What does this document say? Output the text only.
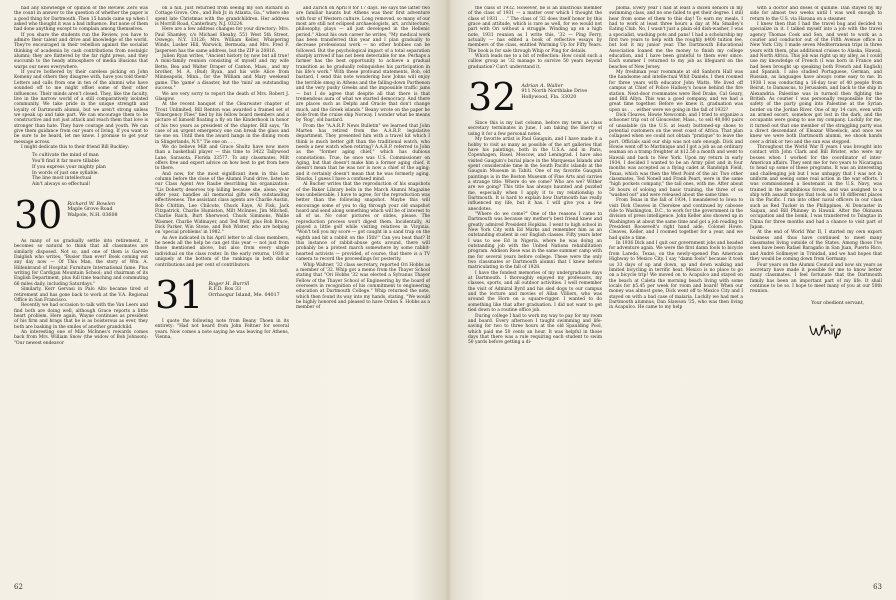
had any knowledge or opinion of the Review. Zero was the count in answer to the question of whether the paper is a good thing for Dartmouth. Then 15 hands came up when I asked who thought it was a bad influence. But none of them had done anything except to complain among themselves.

If you share the students run the Review, you have to admire their talent and drive and knowledge of the world. They're encouraged in their rebellion against the socialist thinking of academia by cash contributions from nostalgic alumni; they are flattered by the far right press, and they succumb to the heady atmosphere of media illusions that warps our news everywhere.

If you're bothered by their careless picking on John Kemeny and others they disagree with, have you told them? Letters and calls from one in ten of the alumni who have sounded off to me might offset some of their other influences. Their minds aren't closed. They, like the faculty, live in the narrow world of a still comparatively isolated community. We take pride in the unique strength and loyalty of Dartmouth alumni, but we aren't strong unless we speak up and take part. We can encourage them to be constructive and not just attack and reach them that love is stronger than hate. They have courage and youth. We can give them guidance from our years of living. If you want to be sure to be heard, let me know. I promise to get your message across.

I might dedicate this to their friend Bill Buckley:

To cultivate the mind of man
You'll find it far more tillable
If you express your mighty plan
In words of just one syllable.
The line most intellectual
Ain't always so effectual!
30	Richard W. Bowlen
Maple Grove Road
Walpole, N.H. 03608

As many of us gradually settle into retirement, it becomes so natural to think that all classmates are similarly disposed. Not so, and one of them is Garven Dalglish who writes, "Busier than ever! Book coming out any day now — Of This Man, the story of Wm. A. Hillenbrand of Hospital Furniture International fame. Plus writing for Cardigan Mountain School; and chairman of its English Department, plus full time teaching and commuting 66 miles daily, including Saturdays."

Similarly, Kerr Gervasi in Palo Alto became tired of retirement and has gone back to work at the V.A. Regional Office in San Francisco.

Recently we had occasion to talk with the Van Leers and find both are doing well, although Grace reports a little heart problem. Here again, Wayne continues as president of his firm and brags that he is as boisterous as ever, they both are basking in the smiles of another grandchild.

An interesting one of Milo McInnes's rewards comes back from Mrs. William Snow (the widow of Bob Johnson): "Our newest endeavor

on a hill. Just returned from seeing my son Richard in Cottage Grove, Ore., and Bob Jr. in Atlanta, Ga.," where she spent late Christmas with the grandchildren. Her address is Morrill Road, Canterbury, N.J. 03224.

Here are a few address changes for your directory: Mrs. Paul Shamley, c/o Michael Sheahy, 551 West 5th Street, Oswego, N.Y. 13126; Mrs. William Keller, Whispering Winds, Lusher Hill, Warwick, Bermuda; and Mrs. Fred F. Jaspersen has the same address, but the ZIP is 20816.

Julien Ryan writes, "Ancient history by now but all true! A mini-family reunion consisting of myself and my wife Bette, Bea and Walter Draper of Canton, Mass., and my brother, M. A. (Bud) Ryan, and his wife Alice from Minneapolis, Minn., for the William and Mary weekend game. The 'game' a disaster, but the 'mini' an outstanding success."

We are very sorry to report the death of Mrs. Robert J. Glasgow.

At the recent banquet of the Clearwater chapter of Trout Unlimited, Bill Renton was awarded a framed set of "Emergency Flies" tied by his fellow board members and a picture of himself floating a fly on the Kinderhook in honor of his two years as president of the chapter. Bill says, "In case of an urgent emergency one can break the glass and tie one on. Until then the award hangs in the dining room in Slingerlands, N.Y." Tie one on . . .

We do believe Milt and Grace Shultz have now more than a basketball player — this time to 3422 Tallywood Lane, Sarasota, Florida 33577. To any classmates, Milt offers free and expert advice on how best to get from here to there.

And now, for the most significant item in this last column before the close of the Alumni Fund drive, listen to our Class Agent Ave Raube describing his organization: "Lis Doherty deserves top billing because she, alone, year after year, handles all memorial gifts with outstanding effectiveness. The assistant class agents are Charlie Austin, Bob Chittim, Lee Chilcote, Chuck Eaye, Al Fisk, Jack Fitzpatrick, Charlie Humiston, Milt McInnes, Jim Mitchell, Charlie Raich, Burt Sherwood, Chuck Simmons, Wallie Wasmer, Charlie Widmayer, and Ted Wolf, plus Bob Bruce, Dick Parker, Win Stone, and Bob Winter, who are helping on 'special problems' in 1982."

As Ave indicated in his April letter to all class members, he needs all the help he can get this year — not just from those mentioned above, but also from every single individual on the class roster. In the early returns, 1930 is uniquely at the bottom of the rankings in both dollar contributions and per cent of contributors.

31	Roger H. Burrill
R.F.D. Box 33
Orrhaogur Island, Me. 04017

I quote the following note from Beany Thoen in its entirety: "Had not heard from John Feltner for several years. Now comes a note saying he was leaving for Athens, Vienna,

and Zurich on April 8 for 17 days. He says the latter two are familiar haunts but Athens was their first adventure with four of Western culture. Long removed, so many of our most are still not eclipsed archaeologists, art, architecture, philosophy, plays — all just developed in the Hellenic period." About his own career he writes, "My medical work has been transferred this year and I plan gradually to decrease professional work — no other hobbies can be followed. But the psychological impact of a total separation sharply arrived if has not been detectable for me. Perhaps a farmer has the best opportunity to achieve a gradual transition as he gradually relinquishes his participation in his life's work." With these profound statements, Bob, old bastard, I send this note wondering how Johns will enjoy the terrible smog in Athens and the falling-down Parthenon and the very pushy Greeks and the impossible traffic jams — but I do agree that despite all that there is that tremendous aura of what we started democracy. And there are places such as Delphi and Oracle that don't change much, and the Greek islands." Beany wrote on the paper he stole from the cruise ship Norway. I wonder what he means by 'Rog', old bastard.

From the "A.A.R.P. News Bulletin" we learned that John Marten has retired from the A.A.R.P. legislative department. They presented him with a travel kit which I think is much better gift than the traditional watch, who needs a new watch when retiring? A.A.R.P. referred to John as the "former aging chief," which has dubious connotations. True, he once was U.S. Commissioner on Aging, but that doesn't make him a former aging chief, it doesn't mean that he was nor is now a chief of the aging; and it certainly doesn't mean that he was formerly aging. Shucks, I guess I have a confused mind.

Al Bucher writes that the reproduction of his snapshots of the Baker Library bells in the March Alumni Magazine was unbelievable. I have to agree, for the reproduction was better than the following snapshot. Maybe this will encourage some of you to dig through your old snapshot hoard and send along something which will be of interest to all of us. No color pictures or slides, please. The reproduction process won't digest them. Incidentally, Al played a little golf while visiting relatives in Virginia. "Won't tell you my score — got caught in a sand trap on the eighth and hit a rabbit on the 15th!" Can you beat that? If this instance of rabbit-abuse gets around, there will probably be a protest march somewhere by some rabbit-hearted activists — provided, of course, that there is a TV camera to record the proceedings for posterity.

Whip Waltner, '32 class secretary, reported Ori Hobbs as a member of '32. Whip got a memo from the Thayer School stating that "Ori Hobbs '32 was elected a Sylvanus Thayer Fellow of the Thayer School of Engineering by the board of overseers in recognition of his commitment to engineering education at Dartmouth College." Whip returned the note, which then found its way into my hands, stating, "We would be highly honored and pleased to have Ordon S. Hobbs as a member of

62

the class of 1932. However, he is an illustrious member of the class of 1931 — a matter over which I thought the class of 1931 . . ." The class of '32 does itself honor by this grace and attitude, which is rare as well, for we would not part with Ori without a struggle. Winding up on a high note, 1931 reunion as I write this, '32 — Ping Ferry, actually — has edited a book of reflective essays by members of the class, entitled Warming Up for Fifty Years. The book is for sale through Whip or Ping for details.

Which leads me to a bit of reflection: How could such a callow group as '32 manage to survive 50 years beyond graduation? Can't understand it.

32	Adrian A. Waller
911 North Northlake Drive
Hollywood, Fla. 33020

Since this is my last column, before my term as class secretary terminates in June, I am taking the liberty of using it for a few personal notes.

My favorite artist is Paul Gauguin, and I have made it a hobby to visit as many as possible of the art galleries that have his paintings, both in the U.S.A. and in Paris, Copenhagen, Basel, Moscow, and Leningrad. I have also visited Gauguin's burial place in the Marquesas Islands and spent considerable time in the South Pacific islands at the Gauguin Museum in Tahiti. One of my favorite Gauguin paintings is in the Boston Museum of Fine Arts and carries a strange title: Where do we come? Who are we? Wither are we going? This title has always haunted and puzzled me, especially when I apply it to my relationship to Dartmouth. It is hard to explain how Dartmouth has really influenced my life, but it has. I will give you a few anecdotes.

"Where do we come?" One of the reasons I came to Dartmouth was because my mother's best friend knew and greatly admired President Hopkins. I went to high school in New York City with Ed Marks and remember him as an outstanding student in our English classes. Fifty years later I was to see Ed in Nigeria, where he was doing an outstanding job with the United Nations rehabilitation program. Addison Rose was in the same summer camp with me for several years before college. These were the only two classmates or Dartmouth alumni that I knew before matriculating in the fall of 1928.

I have the fondest memories of my undergraduate days at Dartmouth. I thoroughly enjoyed my professors, my classes, sports, and all outdoor activities. I well remember the visit of Admiral Byrd and his sled dogs to our campus and the lecture and movies of Allan Villiers, who was around the Horn on a square-rigger. I wanted to do something like that after graduation. I did not want to get tied down to a routine office job.

During college I had to work my way to pay for my room and board. Every afternoon I taught swimming and life-saving for two to three hours at the old Spaulding Pool, which paid me 50 cents an hour. It was helpful in those days that there was a rule requiring each student to swim 50 yards before getting a di-

ploma. Every year I had at least a dozen seniors in my swimming class, and no one failed to get their degree. I still hear from some of them to this day! To earn my meals, I had to work at least three hours a day at Ma Smalley's Eating Club. No, I wasn't just a plain old dish-washer, I was a specialist, washing pots and pans! I had a scholarship my first two years to help with the roughly $400 tuition fee, but lost it my junior year. The Dartmouth Educational Association loaned me the money to finish my college education, and I have been grateful to them ever since. Each summer I returned to my job as lifeguard on the beaches of New Jersey.

My freshman year roommate at old Sanborn Hall was the handsome and intellectual Whit Daniels. I then roomed for three years with educator John Watts. We lived off campus at Chief of Police Hallsey's house behind the fire station. Next-door roommates were Red Drake, Cal Geary, and Bill Allyn. This was a good company, and we had a great time together. Before we knew it, graduation was upon us . . . wither were we going in the fall of 1932?

Dick Cleaves, Howie Newcomb, and I tried to organize a schooner trip out of Gloucester, Mass., to sell 40,000 pairs of unsalable (in the U.S. at least) buttoned-up shoes to potential customers on the west coast of Africa. That plan collapsed when we could not obtain "pratique" to leave the port. Officials said our ship was not safe enough. Dick and Howie went off to Martinique and I got a job as an ordinary seaman on a tramp freighter at $12.50 a month and went to Hawaii and back to New York. Upon my return in early 1934, I decided I wanted to be an Army pilot and in four months was accepted as a flying cadet at Randolph Field, Texas, which was then the West Point of the air. Two other classmates, Ted Nonell and Frank Peart, were in the same "high pockets company," the tall ones, with me. After about 50 hours of soloing and basic training, the three of us "washed out" and were released about the same time.

From Texas in the fall of 1934, I meandered to Iowa to visit Dick Cleaves in Cherokee and continued by caboose ride to Washington, D.C., to work for the government in the division of press intelligence. John Keller also showed up in Washington at about the same time and got a job reading to President Roosevelt's right hand aide, Colonel Howe. Cleaves, Keller, and I roomed together for a year, and we had quite a time.

In 1936 Dick and I quit our government jobs and headed for adventure again. We were the first damn fools to bicycle from Laredo, Texas, on the newly-opened Pan American Highway to Mexico City. I say "damn fools" because it took us 33 days of up and down, up and down walking and limited bicycling in terrific heat. Mexico is no place to go on a bicycle trip! We moved on to Acapulco and stayed on the beach at Caleta the morning beach living with some locals for $5.45 per week for room and board! When our money was almost gone, Dick went off to Mexico City and I stayed on with a bad case of malaria. Luckily we had met a Dartmouth alumnus, Dan Slawson '25, who was then living in Acapulco. He came to my help

with a doctor and doses of quinine. Dan stayed by my side for almost two weeks until I was well enough to return to the U.S. via Havana on a steamer.

I knew then that I had the travel bug and decided to specialize in it. I talked myself into a job with the travel agency Thomas Cook and Son, and went to work as a courier and conductor out of the Fifth Avenue office in New York City. I made seven Mediterranean trips in three years with them, plus additional cruises to Alaska, Hawaii, and North Africa. This job was right up my alley, as I could use my knowledge of French (I was born in France and had been brought up speaking both French and English) and Spanish. I also studied Portuguese, German, and Russian, as languages have always come easy to me. In 1938 I was conducting a 16-day tour of 40 people from Beirut, to Damascus, to Jerusalem, and back to the ship in Alexandria. Palestine was in turmoil then fighting the British. As courier I was personally responsible for the safety of the party going into Palestine at the Syrian border on the Jordan River. One of my 14 cars, even with an armed escort, somehow got lost in the dark, and the occupants were going to use my company. Luckily for me, it turned out that one member of the straggling party was a direct descendant of Eleazar Wheelock, and once we knew we were both Dartmouth alumni, we shook hands over a drink or two and the sun was stopped.

Throughout the World War II years I was brought into contact with John Clark and Bill Brister, who were my bosses when I worked for the coordinator of inter-American affairs. They sent me for two years to Nicaragua to head up some of these programs. It was an interesting and challenging job but I was unhappy that I was not in uniform and seeing some real action in the war efforts. I was commissioned a lieutenant in the U.S. Navy, was trained in the amphibious forces, and was assigned to a ship with assault troops that took us to 16 different places in the Pacific. I ran into other naval officers in our class such as Red Tucker in the Philippines, Al Doncaster in Saipan, and Bill Phinney in Hawaii. After the Okinawa occupation and the bomb, I was transferred to Tsingtao in China for three months and had a chance to visit part of Japan.

At the end of World War II, I started my own export business and thus have continued to meet many classmates living outside of the States. Among those I've seen have been Rafael Baragaño in San Juan, Puerto Rico, and André Sollmeyer in Trinidad, and we had hopes that they would be coming down from Germany.

Four years on the Alumni Council and now six years as secretary have made it possible for me to know better many classmates. I feel fortunate that the Dartmouth family has been an important part of my life. It shall continue to be so. I hope to meet many of you at our 50th reunion.

Your obedient servant,
63
